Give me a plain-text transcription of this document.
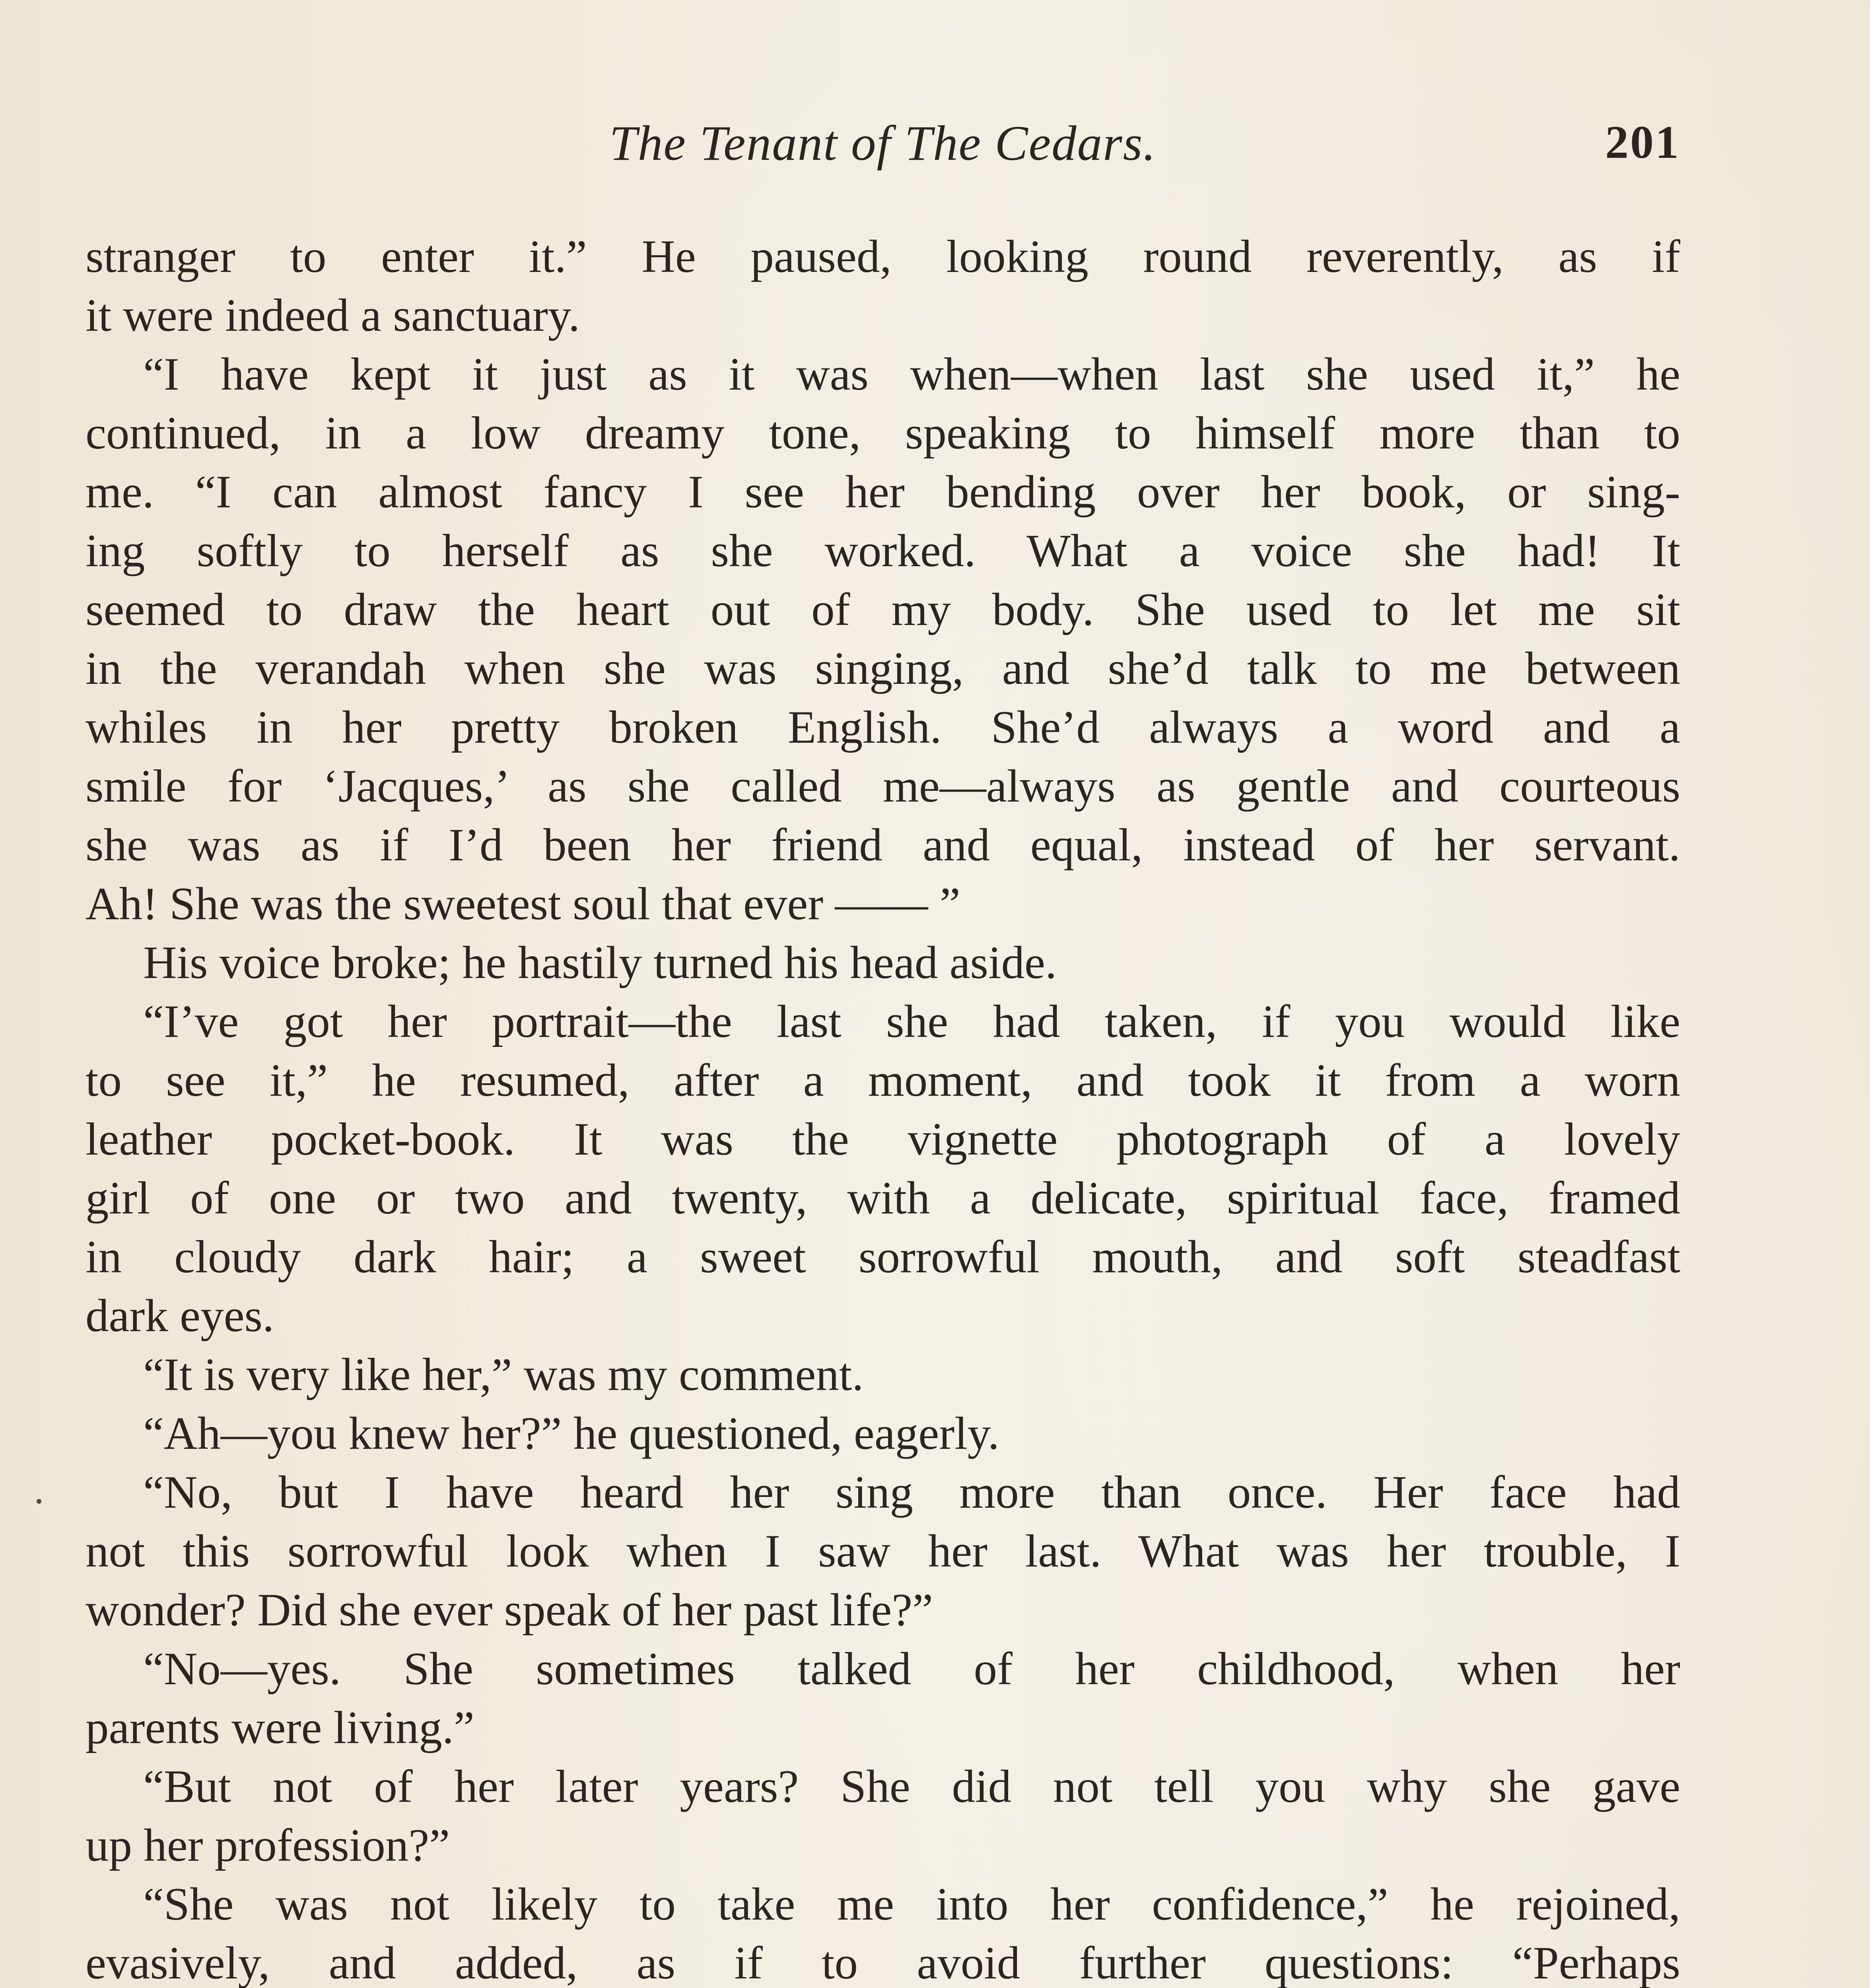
The Tenant of The Cedars.	201
stranger to enter it.” He paused, looking round reverently, as if
it were indeed a sanctuary.
“I have kept it just as it was when—when last she used it,” he
continued, in a low dreamy tone, speaking to himself more than to
me. “I can almost fancy I see her bending over her book, or sing-
ing softly to herself as she worked. What a voice she had! It
seemed to draw the heart out of my body. She used to let me sit
in the verandah when she was singing, and she’d talk to me between
whiles in her pretty broken English. She’d always a word and a
smile for ‘Jacques,’ as she called me—always as gentle and courteous
she was as if I’d been her friend and equal, instead of her servant.
Ah! She was the sweetest soul that ever —— ”
His voice broke; he hastily turned his head aside.
“I’ve got her portrait—the last she had taken, if you would like
to see it,” he resumed, after a moment, and took it from a worn
leather pocket-book. It was the vignette photograph of a lovely
girl of one or two and twenty, with a delicate, spiritual face, framed
in cloudy dark hair; a sweet sorrowful mouth, and soft steadfast
dark eyes.
“It is very like her,” was my comment.
“Ah—you knew her?” he questioned, eagerly.
“No, but I have heard her sing more than once. Her face had
not this sorrowful look when I saw her last. What was her trouble, I
wonder? Did she ever speak of her past life?”
“No—yes. She sometimes talked of her childhood, when her
parents were living.”
“But not of her later years? She did not tell you why she gave
up her profession?”
“She was not likely to take me into her confidence,” he rejoined,
evasively, and added, as if to avoid further questions: “Perhaps
